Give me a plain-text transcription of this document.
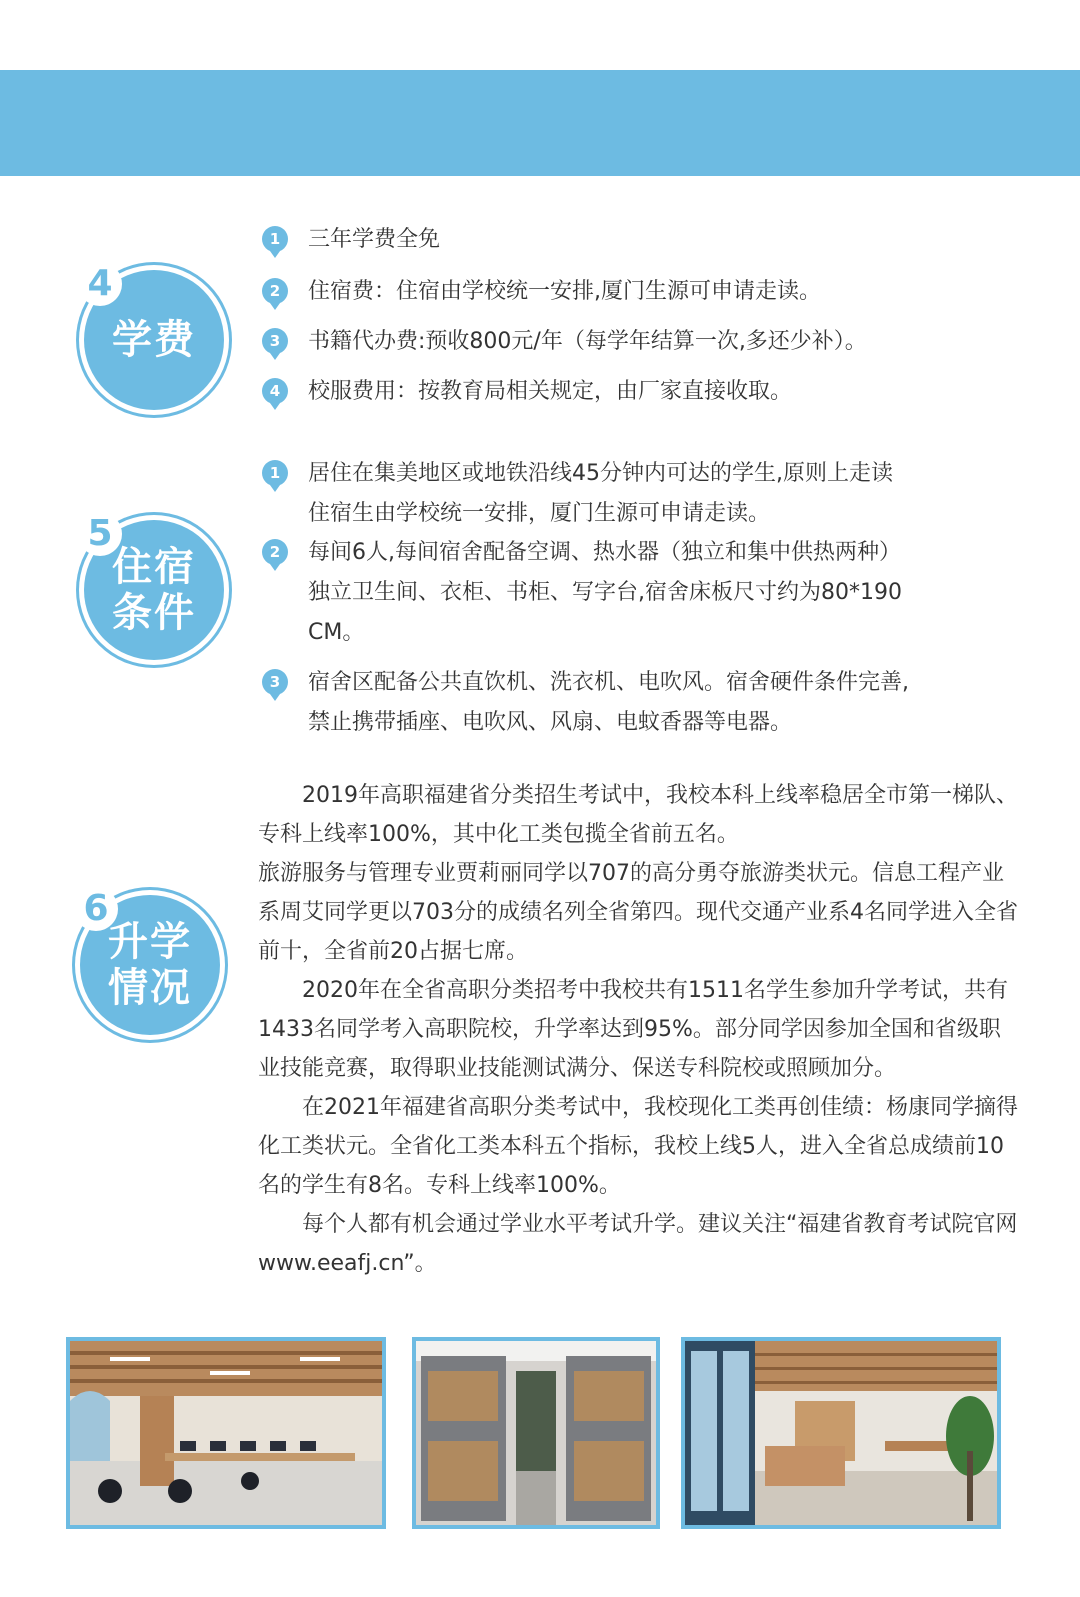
4
学费
1	三年学费全免
2	住宿费：住宿由学校统一安排,厦门生源可申请走读。
3	书籍代办费:预收800元/年（每学年结算一次,多还少补）。
4	校服费用：按教育局相关规定，由厂家直接收取。
5
住宿
条件
1	居住在集美地区或地铁沿线45分钟内可达的学生,原则上走读
住宿生由学校统一安排，厦门生源可申请走读。
2	每间6人,每间宿舍配备空调、热水器（独立和集中供热两种）
独立卫生间、衣柜、书柜、写字台,宿舍床板尺寸约为80*190
CM。
3	宿舍区配备公共直饮机、洗衣机、电吹风。宿舍硬件条件完善,
禁止携带插座、电吹风、风扇、电蚊香器等电器。
6
升学
情况

2019年高职福建省分类招生考试中，我校本科上线率稳居全市第一梯队、专科上线率100%，其中化工类包揽全省前五名。

旅游服务与管理专业贾莉丽同学以707的高分勇夺旅游类状元。信息工程产业系周艾同学更以703分的成绩名列全省第四。现代交通产业系4名同学进入全省前十，全省前20占据七席。

2020年在全省高职分类招考中我校共有1511名学生参加升学考试，共有1433名同学考入高职院校，升学率达到95%。部分同学因参加全国和省级职业技能竞赛，取得职业技能测试满分、保送专科院校或照顾加分。

在2021年福建省高职分类考试中，我校现化工类再创佳绩：杨康同学摘得化工类状元。全省化工类本科五个指标，我校上线5人，进入全省总成绩前10名的学生有8名。专科上线率100%。

每个人都有机会通过学业水平考试升学。建议关注“福建省教育考试院官网www.eeafj.cn”。
